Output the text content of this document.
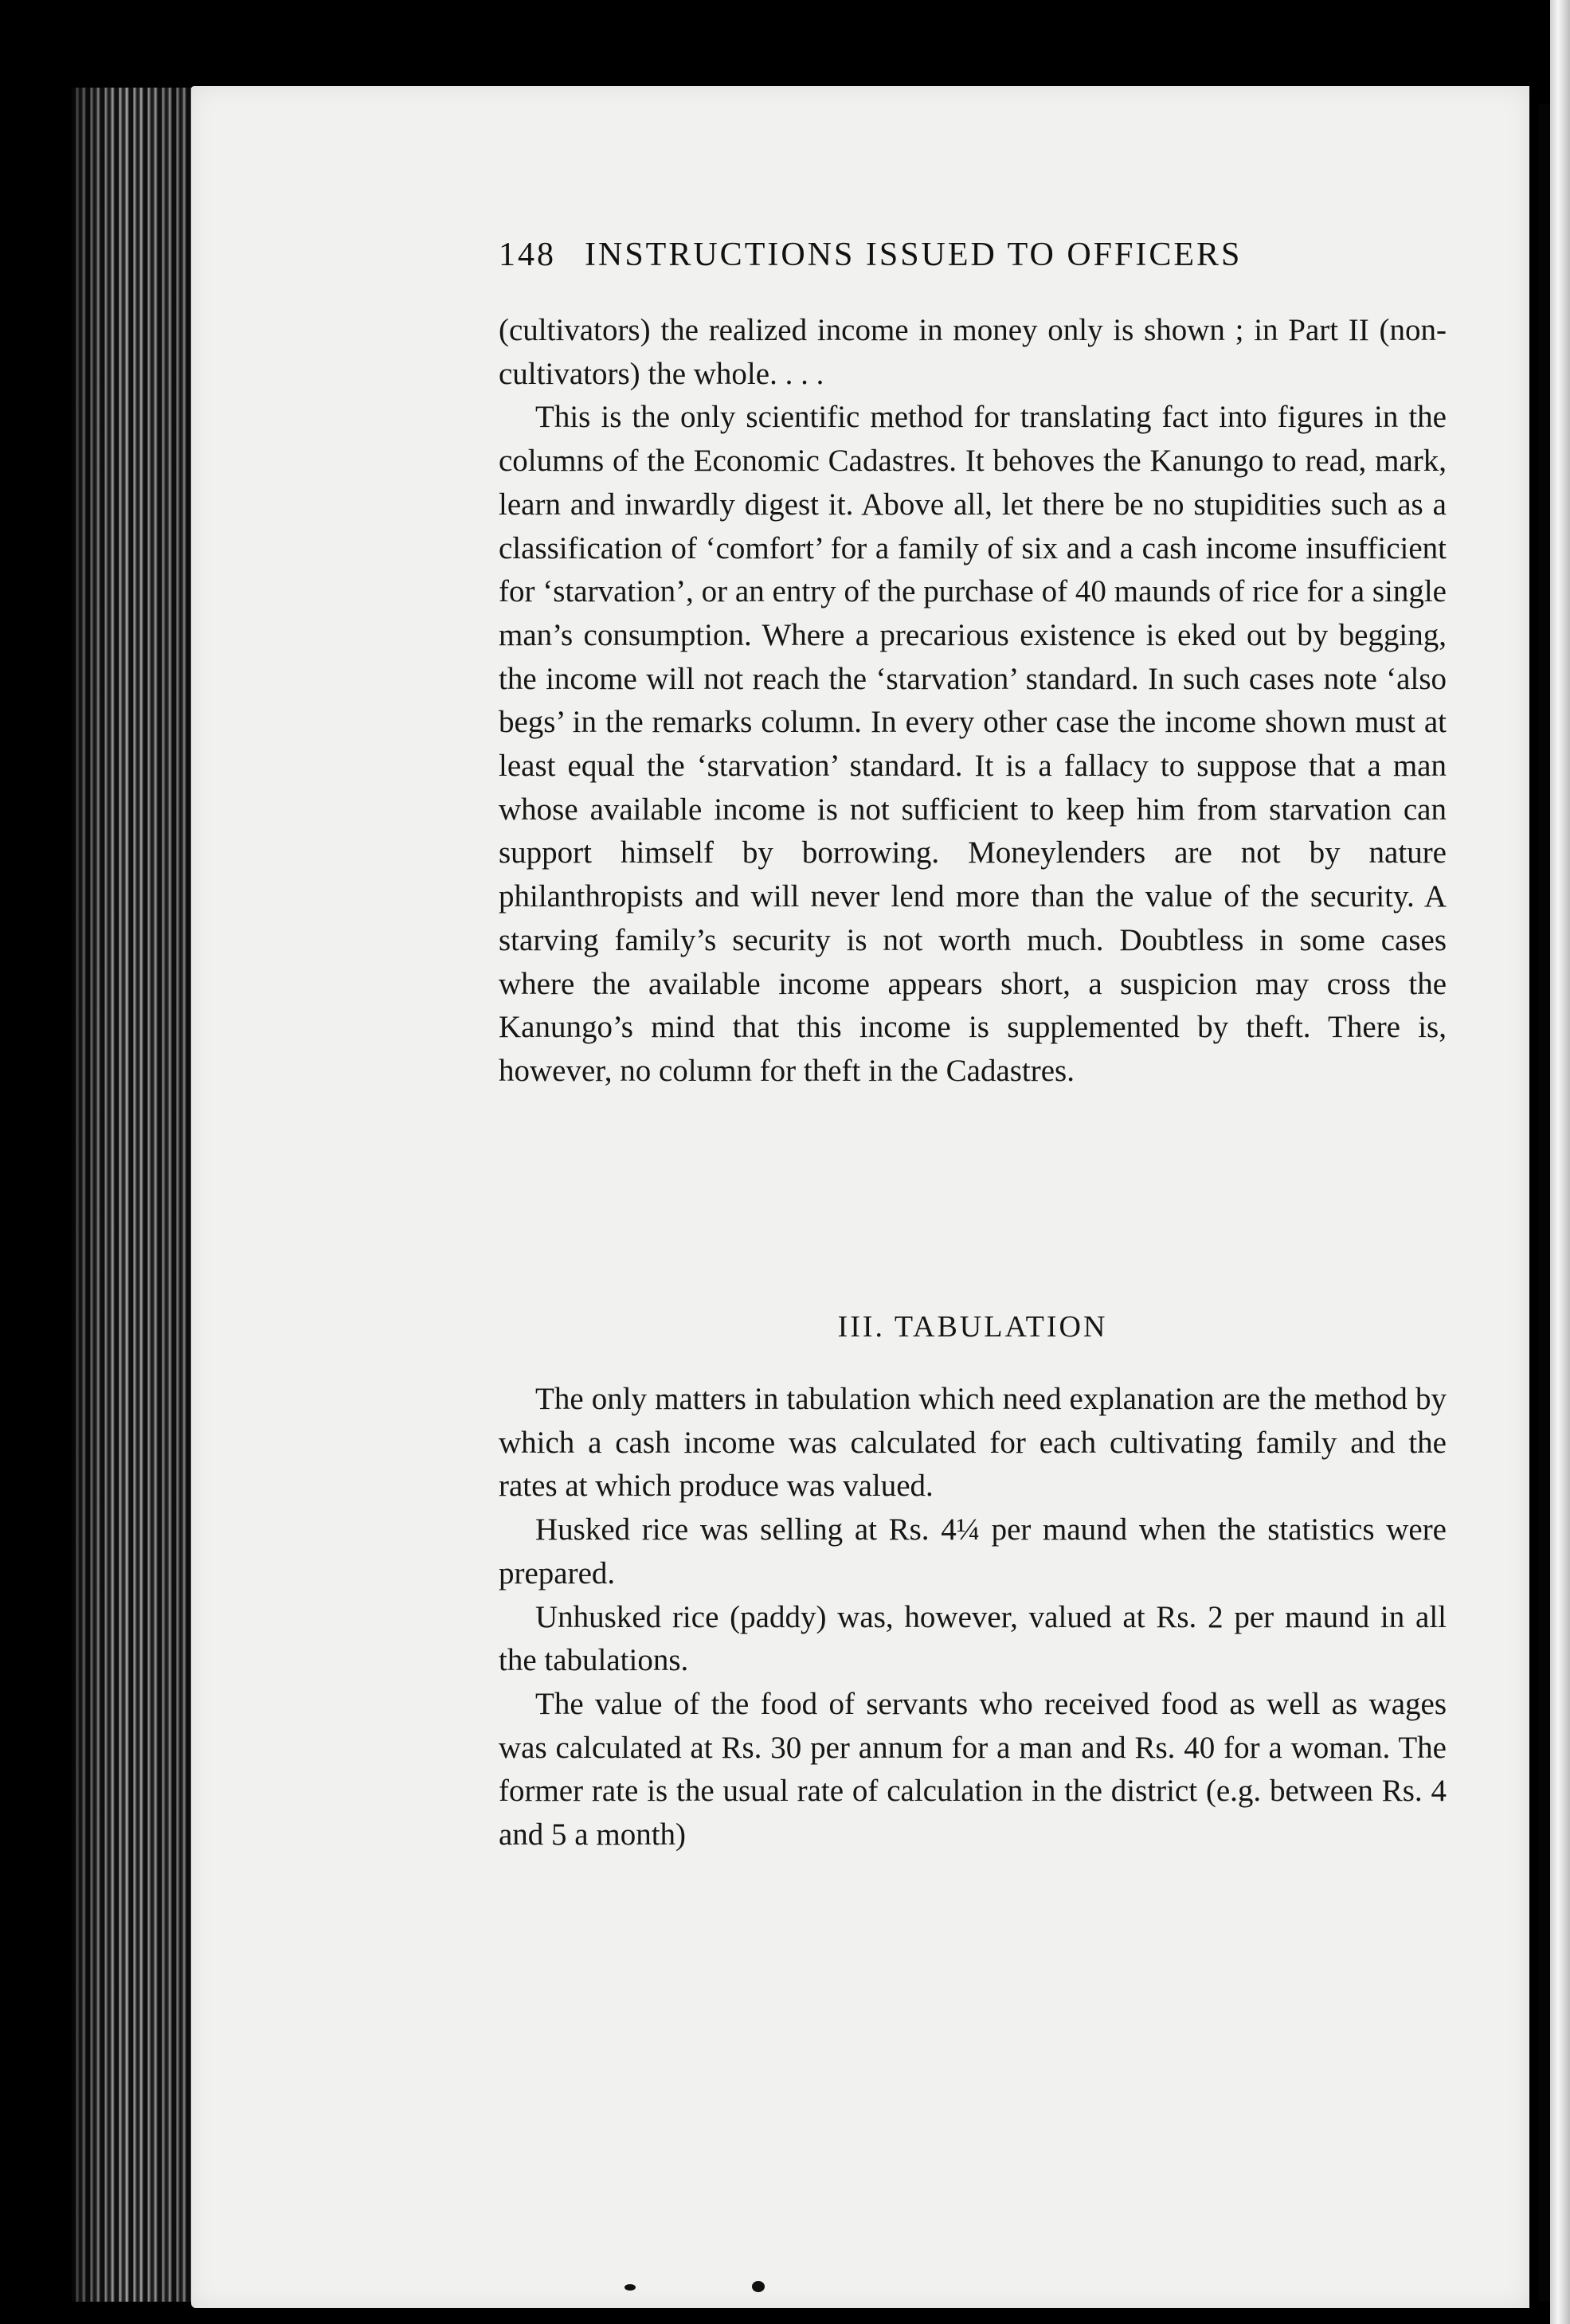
148 INSTRUCTIONS ISSUED TO OFFICERS

(cultivators) the realized income in money only is shown ; in Part II (non-cultivators) the whole. . . .

This is the only scientific method for translating fact into figures in the columns of the Economic Cadastres. It behoves the Kanungo to read, mark, learn and inwardly digest it. Above all, let there be no stupidities such as a classification of ‘comfort’ for a family of six and a cash income insufficient for ‘starvation’, or an entry of the purchase of 40 maunds of rice for a single man’s consumption. Where a precarious existence is eked out by begging, the income will not reach the ‘starvation’ standard. In such cases note ‘also begs’ in the remarks column. In every other case the income shown must at least equal the ‘starvation’ standard. It is a fallacy to suppose that a man whose available income is not sufficient to keep him from starvation can support himself by borrowing. Moneylenders are not by nature philanthropists and will never lend more than the value of the security. A starving family’s security is not worth much. Doubtless in some cases where the available income appears short, a suspicion may cross the Kanungo’s mind that this income is supplemented by theft. There is, however, no column for theft in the Cadastres.

III. TABULATION

The only matters in tabulation which need explanation are the method by which a cash income was calculated for each cultivating family and the rates at which produce was valued.

Husked rice was selling at Rs. 4¼ per maund when the statistics were prepared.

Unhusked rice (paddy) was, however, valued at Rs. 2 per maund in all the tabulations.

The value of the food of servants who received food as well as wages was calculated at Rs. 30 per annum for a man and Rs. 40 for a woman. The former rate is the usual rate of calculation in the district (e.g. between Rs. 4 and 5 a month)
